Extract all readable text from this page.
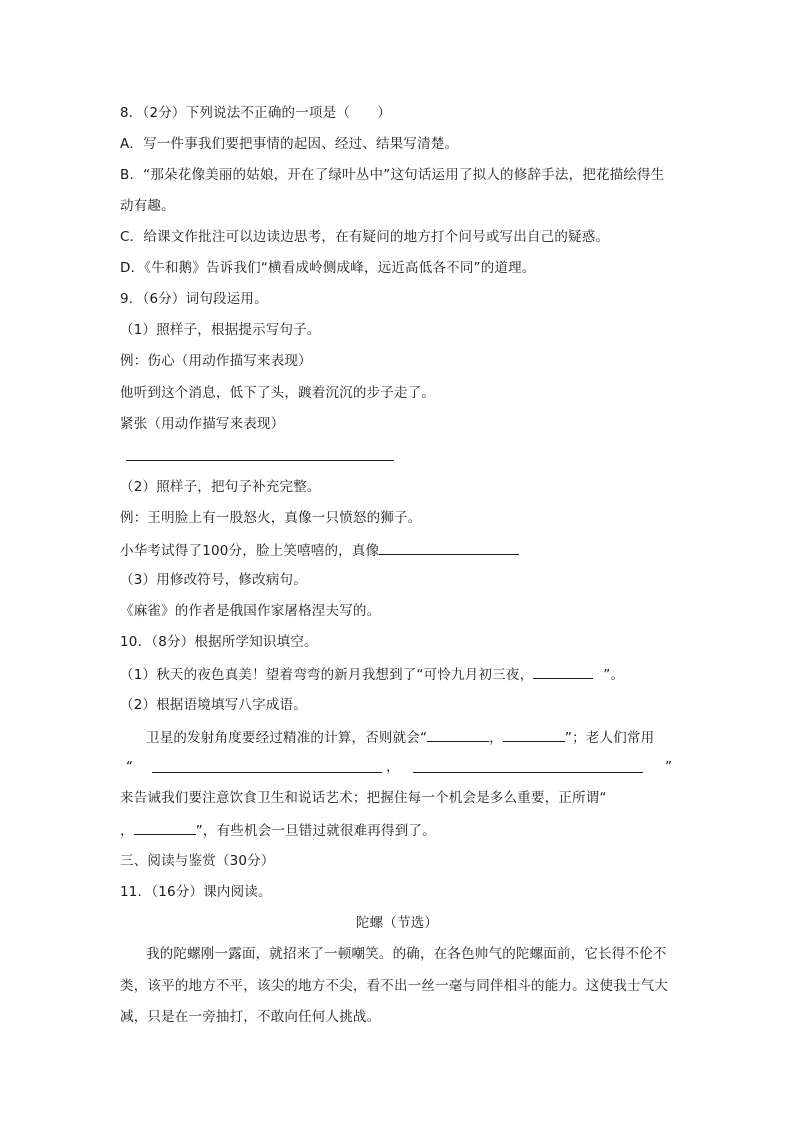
8．（2分）下列说法不正确的一项是（　　）
A．写一件事我们要把事情的起因、经过、结果写清楚。
B．“那朵花像美丽的姑娘，开在了绿叶丛中”这句话运用了拟人的修辞手法，把花描绘得生
动有趣。
C．给课文作批注可以边读边思考，在有疑问的地方打个问号或写出自己的疑惑。
D．《牛和鹅》告诉我们“横看成岭侧成峰，远近高低各不同”的道理。
9．（6分）词句段运用。
（1）照样子，根据提示写句子。
例：伤心（用动作描写来表现）
他听到这个消息，低下了头，踱着沉沉的步子走了。
紧张（用动作描写来表现）
（2）照样子，把句子补充完整。
例：王明脸上有一股怒火，真像一只愤怒的狮子。
小华考试得了100分，脸上笑嘻嘻的，真像
（3）用修改符号，修改病句。
《麻雀》的作者是俄国作家屠格涅夫写的。
10．（8分）根据所学知识填空。
（1）秋天的夜色真美！望着弯弯的新月我想到了“可怜九月初三夜，	”。
（2）根据语境填写八字成语。
卫星的发射角度要经过精准的计算，否则就会“	，	”；老人们常用
“	，	”
来告诫我们要注意饮食卫生和说话艺术；把握住每一个机会是多么重要，正所谓“
，	”，有些机会一旦错过就很难再得到了。
三、阅读与鉴赏（30分）
11．（16分）课内阅读。
陀螺（节选）
我的陀螺刚一露面，就招来了一顿嘲笑。的确，在各色帅气的陀螺面前，它长得不伦不
类，该平的地方不平，该尖的地方不尖，看不出一丝一毫与同伴相斗的能力。这使我士气大
减，只是在一旁抽打，不敢向任何人挑战。
